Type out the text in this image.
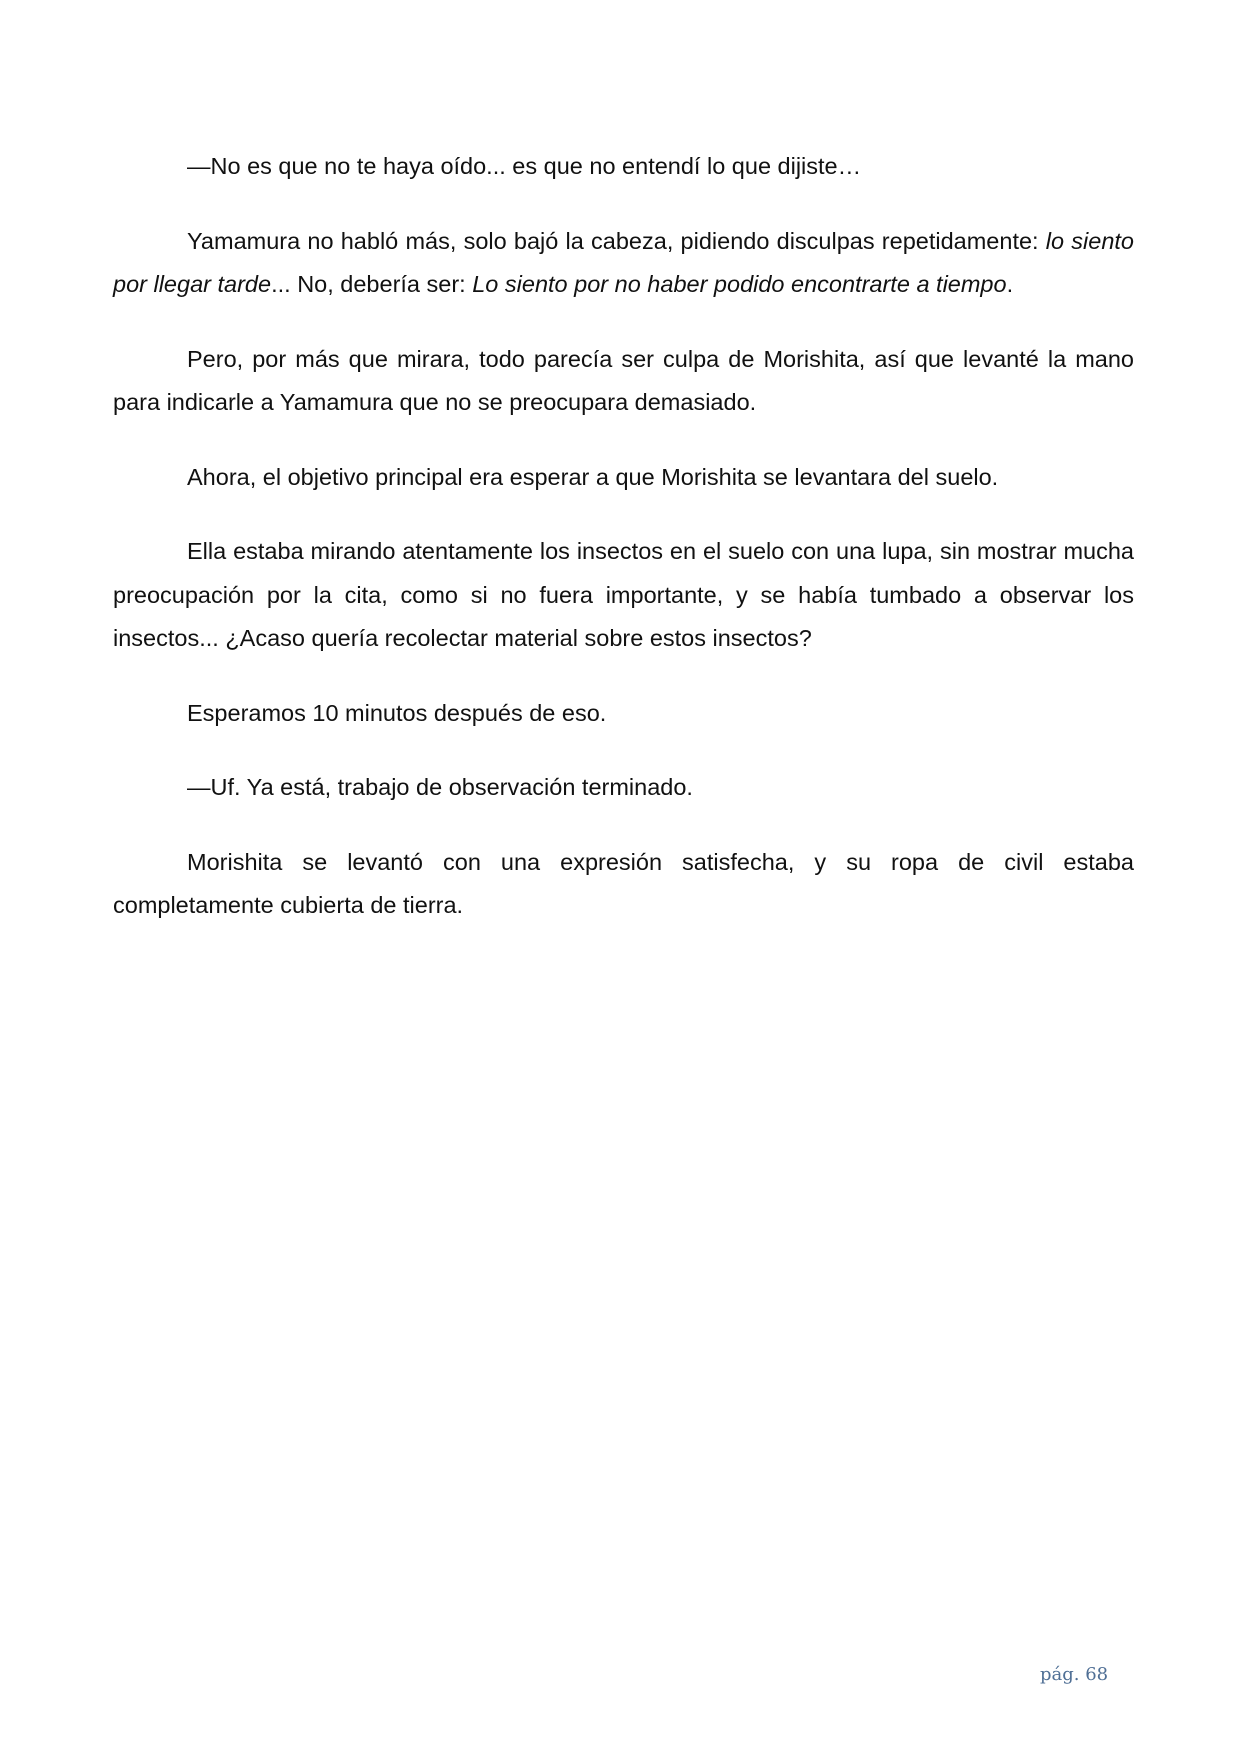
—No es que no te haya oído... es que no entendí lo que dijiste…

Yamamura no habló más, solo bajó la cabeza, pidiendo disculpas repetidamente: lo siento por llegar tarde... No, debería ser: Lo siento por no haber podido encontrarte a tiempo.

Pero, por más que mirara, todo parecía ser culpa de Morishita, así que levanté la mano para indicarle a Yamamura que no se preocupara demasiado.

Ahora, el objetivo principal era esperar a que Morishita se levantara del suelo.

Ella estaba mirando atentamente los insectos en el suelo con una lupa, sin mostrar mucha preocupación por la cita, como si no fuera importante, y se había tumbado a observar los insectos... ¿Acaso quería recolectar material sobre estos insectos?

Esperamos 10 minutos después de eso.

—Uf. Ya está, trabajo de observación terminado.

Morishita se levantó con una expresión satisfecha, y su ropa de civil estaba completamente cubierta de tierra.

pág. 68
